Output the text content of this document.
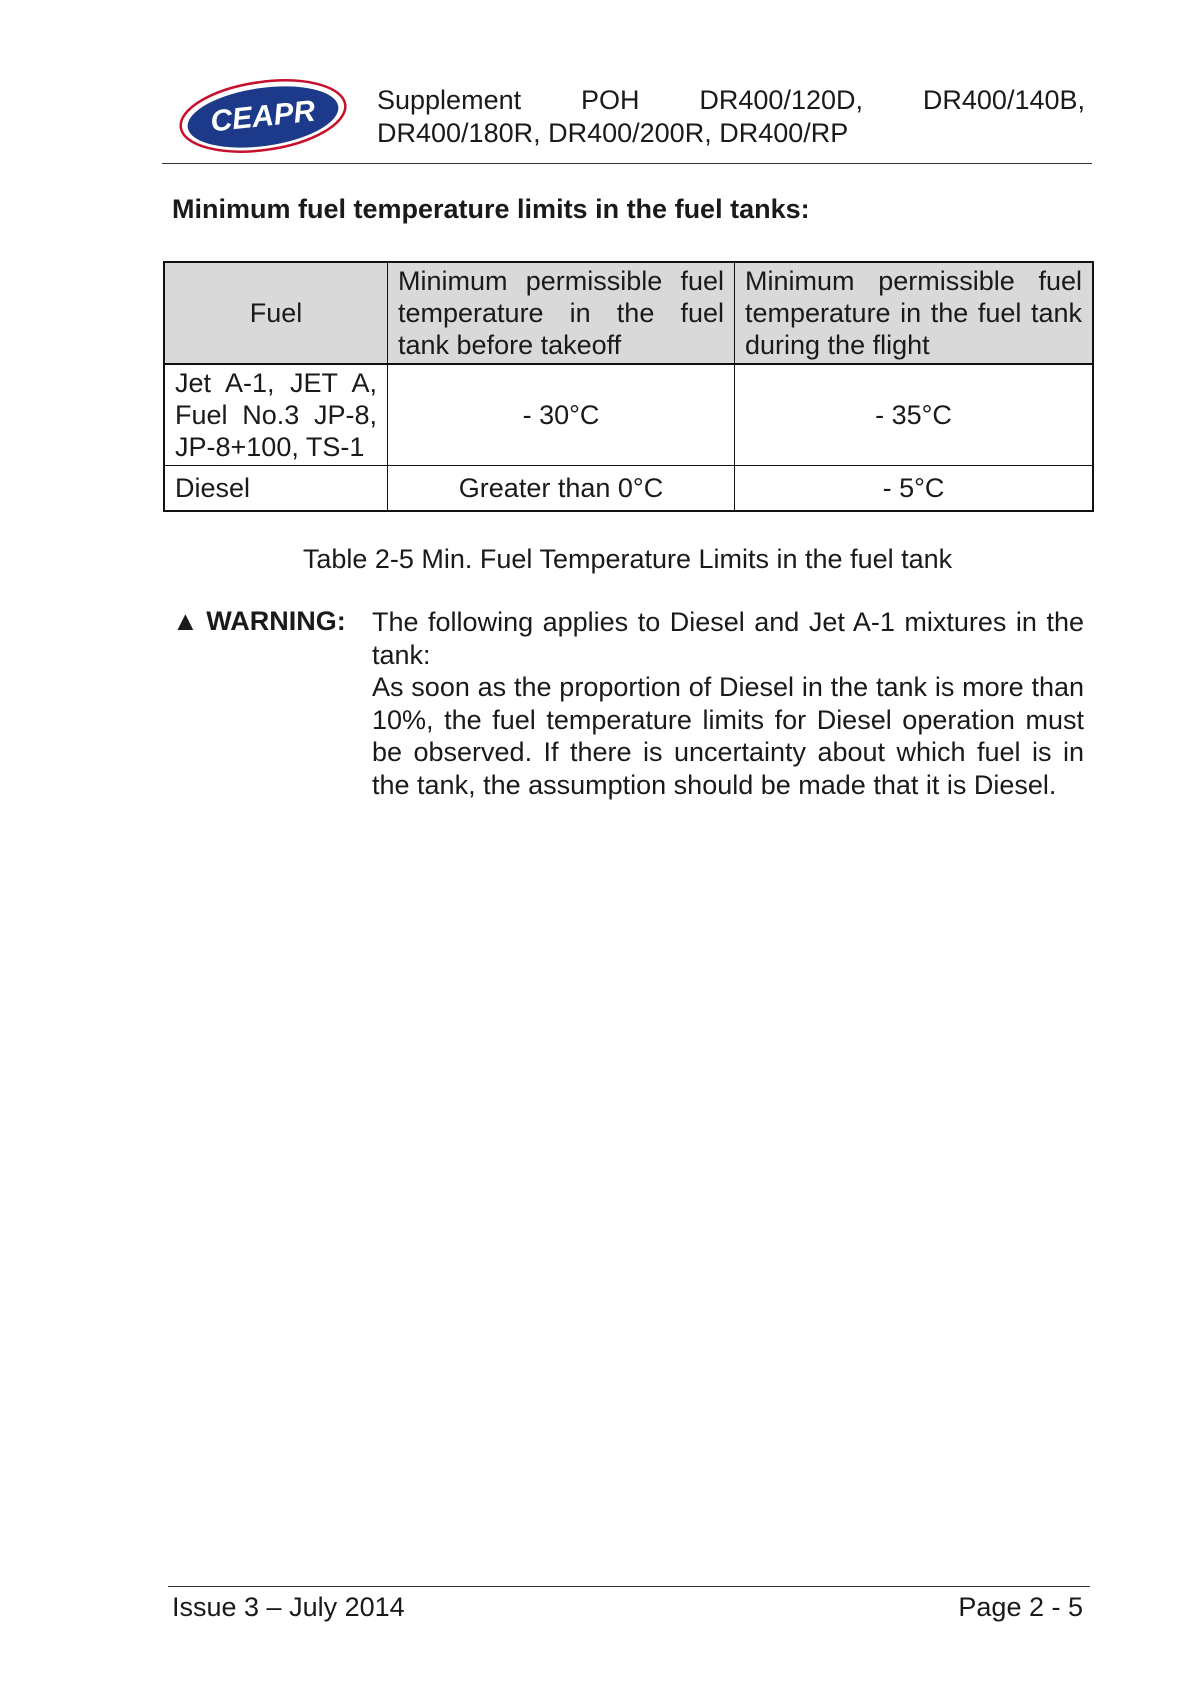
CEAPR Supplement POH DR400/120D, DR400/140B,
DR400/180R, DR400/200R, DR400/RP
Minimum fuel temperature limits in the fuel tanks:
Fuel	Minimum permissible fuel temperature in the fuel tank before takeoff	Minimum permissible fuel temperature in the fuel tank during the flight
Jet A-1, JET A, Fuel No.3 JP-8, JP-8+100, TS-1	- 30°C	- 35°C
Diesel	Greater than 0°C	- 5°C
Table 2-5 Min. Fuel Temperature Limits in the fuel tank
▲ WARNING: The following applies to Diesel and Jet A-1 mixtures in the tank:

As soon as the proportion of Diesel in the tank is more than 10%, the fuel temperature limits for Diesel operation must be observed. If there is uncertainty about which fuel is in the tank, the assumption should be made that it is Diesel.

Issue 3 – July 2014	Page 2 - 5
